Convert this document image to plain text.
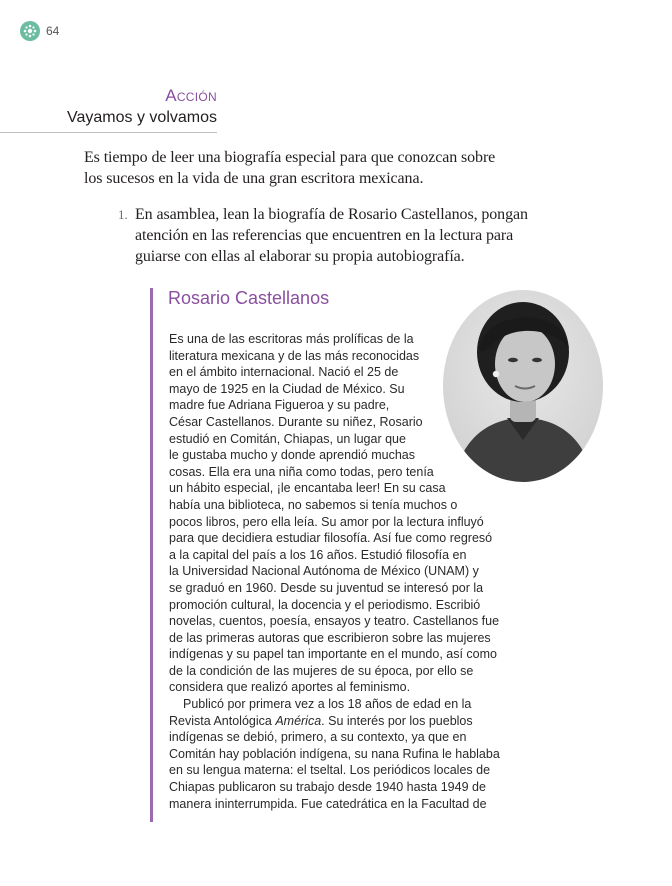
64
Acción
Vayamos y volvamos
Es tiempo de leer una biografía especial para que conozcan sobre
los sucesos en la vida de una gran escritora mexicana.
1. En asamblea, lean la biografía de Rosario Castellanos, pongan
atención en las referencias que encuentren en la lectura para
guiarse con ellas al elaborar su propia autobiografía.
Rosario Castellanos

Es una de las escritoras más prolíficas de la
literatura mexicana y de las más reconocidas
en el ámbito internacional. Nació el 25 de
mayo de 1925 en la Ciudad de México. Su
madre fue Adriana Figueroa y su padre,
César Castellanos. Durante su niñez, Rosario
estudió en Comitán, Chiapas, un lugar que
le gustaba mucho y donde aprendió muchas
cosas. Ella era una niña como todas, pero tenía
un hábito especial, ¡le encantaba leer! En su casa
había una biblioteca, no sabemos si tenía muchos o
pocos libros, pero ella leía. Su amor por la lectura influyó
para que decidiera estudiar filosofía. Así fue como regresó
a la capital del país a los 16 años. Estudió filosofía en
la Universidad Nacional Autónoma de México (UNAM) y
se graduó en 1960. Desde su juventud se interesó por la
promoción cultural, la docencia y el periodismo. Escribió
novelas, cuentos, poesía, ensayos y teatro. Castellanos fue
de las primeras autoras que escribieron sobre las mujeres
indígenas y su papel tan importante en el mundo, así como
de la condición de las mujeres de su época, por ello se
considera que realizó aportes al feminismo.

Publicó por primera vez a los 18 años de edad en la
Revista Antológica América. Su interés por los pueblos
indígenas se debió, primero, a su contexto, ya que en
Comitán hay población indígena, su nana Rufina le hablaba
en su lengua materna: el tseltal. Los periódicos locales de
Chiapas publicaron su trabajo desde 1940 hasta 1949 de
manera ininterrumpida. Fue catedrática en la Facultad de
